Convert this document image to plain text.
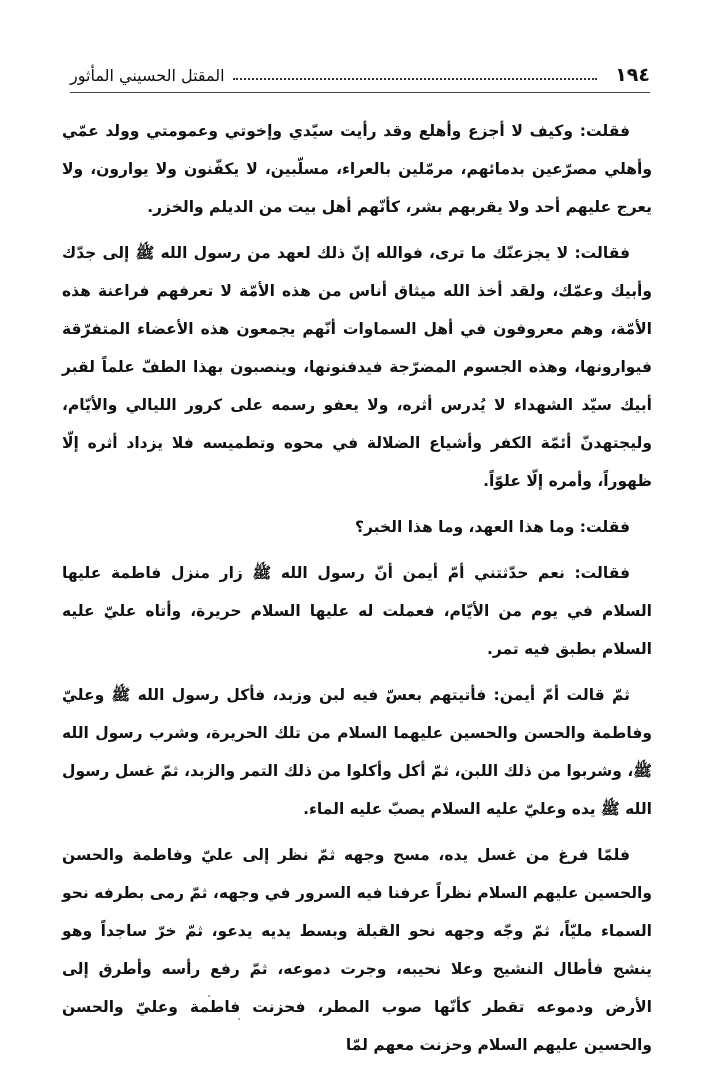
١٩٤
المقتل الحسيني المأثور

فقلت: وكيف لا أجزع وأهلع وقد رأيت سيّدي وإخوتي وعمومتي وولد عمّي وأهلي مصرّعين بدمائهم، مرمّلين بالعراء، مسلّبين، لا يكفّنون ولا يوارون، ولا يعرج عليهم أحد ولا يقربهم بشر، كأنّهم أهل بيت من الديلم والخزر.

فقالت: لا يجزعنّك ما ترى، فوالله إنّ ذلك لعهد من رسول الله ﷺ إلى جدّك وأبيك وعمّك، ولقد أخذ الله ميثاق أناس من هذه الأمّة لا تعرفهم فراعنة هذه الأمّة، وهم معروفون في أهل السماوات أنّهم يجمعون هذه الأعضاء المتفرّقة فيوارونها، وهذه الجسوم المضرّجة فيدفنونها، وينصبون بهذا الطفّ علماً لقبر أبيك سيّد الشهداء لا يُدرس أثره، ولا يعفو رسمه على كرور الليالي والأيّام، وليجتهدنّ أئمّة الكفر وأشياع الضلالة في محوه وتطميسه فلا يزداد أثره إلّا ظهوراً، وأمره إلّا علوّاً.

فقلت: وما هذا العهد، وما هذا الخبر؟

فقالت: نعم حدّثتني أمّ أيمن أنّ رسول الله ﷺ زار منزل فاطمة عليها السلام في يوم من الأيّام، فعملت له عليها السلام حريرة، وأتاه عليّ عليه السلام بطبق فيه تمر.

ثمّ قالت أمّ أيمن: فأتيتهم بعسّ فيه لبن وزبد، فأكل رسول الله ﷺ وعليّ وفاطمة والحسن والحسين عليهما السلام من تلك الحريرة، وشرب رسول الله ﷺ، وشربوا من ذلك اللبن، ثمّ أكل وأكلوا من ذلك التمر والزبد، ثمّ غسل رسول الله ﷺ يده وعليّ عليه السلام يصبّ عليه الماء.

فلمّا فرغ من غسل يده، مسح وجهه ثمّ نظر إلى عليّ وفاطمة والحسن والحسين عليهم السلام نظراً عرفنا فيه السرور في وجهه، ثمّ رمى بطرفه نحو السماء مليّاً، ثمّ وجّه وجهه نحو القبلة وبسط يديه يدعو، ثمّ خرّ ساجداً وهو ينشج فأطال النشيج وعلا نحيبه، وجرت دموعه، ثمّ رفع رأسه وأطرق إلى الأرض ودموعه تقطر كأنّها صوب المطر، فحزنت فاطمة وعليّ والحسن والحسين عليهم السلام وحزنت معهم لمّا
